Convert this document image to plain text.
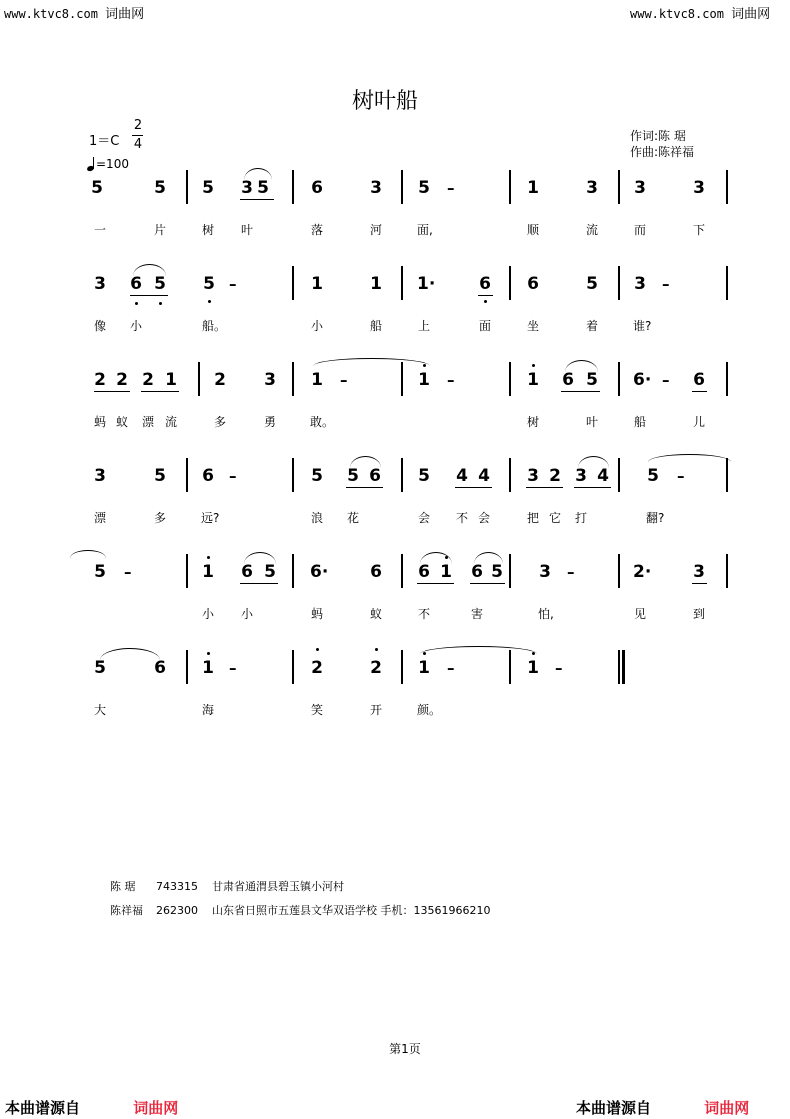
www.ktvc8.com 词曲网	www.ktvc8.com 词曲网
树叶船
1＝C
2
4
=100
作词:陈 琚
作曲:陈祥福
5	5 5 3 5 6	3 5	1	3 3	3
–
一	片	树 叶	落	河	面,	顺	流	而	下
3 6 5 5	1	1 1·	6 6	5 3
–	–
像 小	船。	小	船	上	面	坐	着	谁?
2 2 2 1 2 3 1	1	1 6 5 6· 6
–	–	–
蚂 蚁 漂 流	多	勇	敢。	树	叶	船	儿
3	5 6	5 5 6 5 4 4 3 2 3 4 5
–	–
漂	多	远?	浪 花	会 不 会	把 它 打	翻?
5	1 6 5 6· 6 6 1 6 5 3	2· 3
–	–
小 小	蚂	蚁	不	害	怕,	见	到
5	6 1	2	2 1	1
–	–	–
大	海	笑	开	颜。
陈 琚 743315 甘肃省通渭县碧玉镇小河村
陈祥福 262300 山东省日照市五莲县文华双语学校 手机：13561966210
第1页
本曲谱源自	词曲网	本曲谱源自	词曲网
